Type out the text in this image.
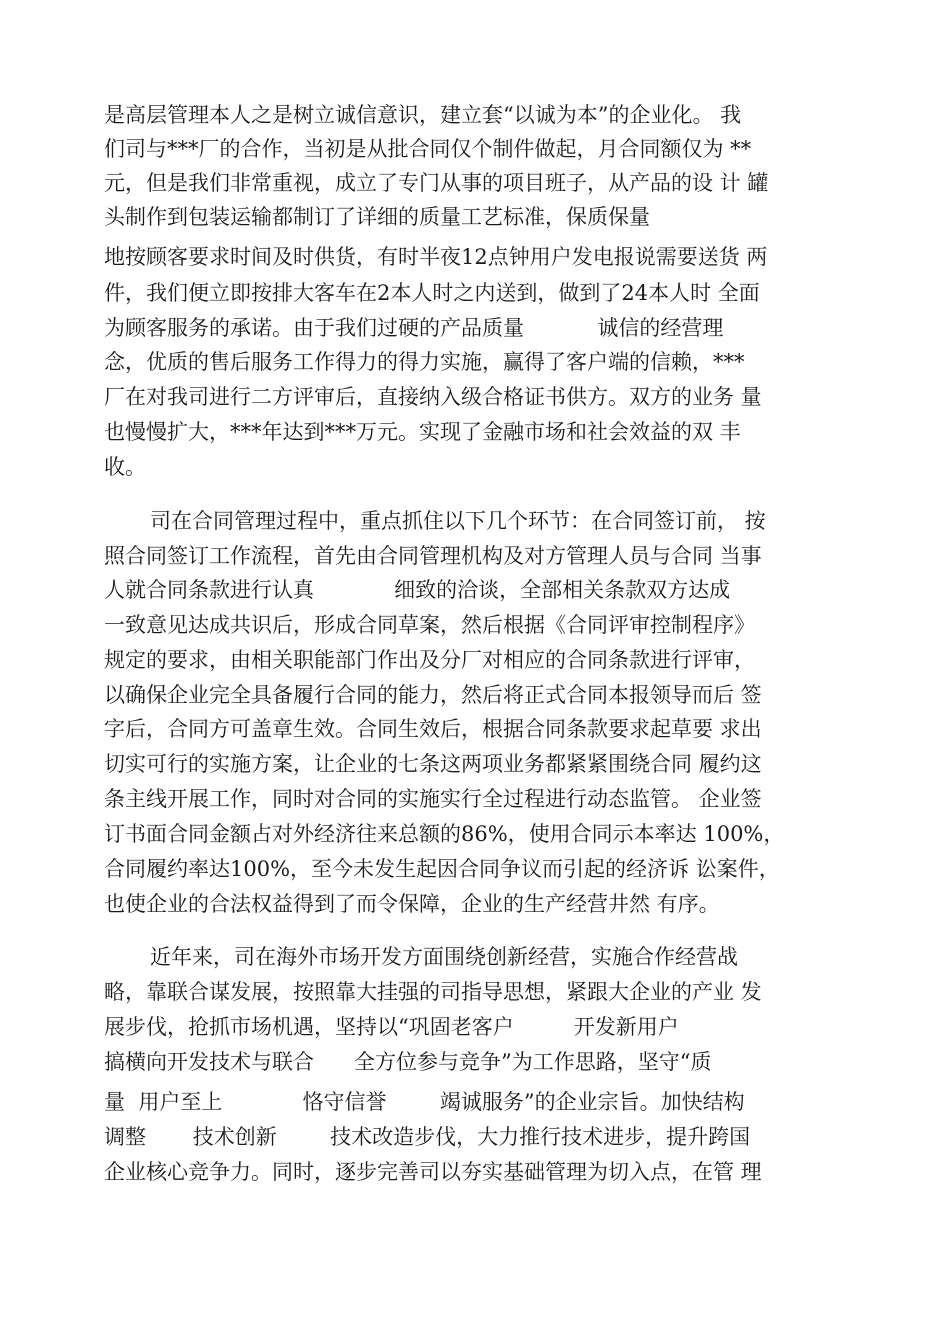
是高层管理本人之是树立诚信意识，建立套“以诚为本”的企业化。 我
们司与***厂的合作，当初是从批合同仅个制件做起，月合同额仅为 **
元，但是我们非常重视，成立了专门从事的项目班子，从产品的设 计 罐
头制作到包装运输都制订了详细的质量工艺标准，保质保量
地按顾客要求时间及时供货，有时半夜12点钟用户发电报说需要送货 两
件，我们便立即按排大客车在2本人时之内送到，做到了24本人时 全面
为顾客服务的承诺。由于我们过硬的产品质量           诚信的经营理
念，优质的售后服务工作得力的得力实施，赢得了客户端的信赖，***
厂在对我司进行二方评审后，直接纳入级合格证书供方。双方的业务 量
也慢慢扩大，***年达到***万元。实现了金融市场和社会效益的双 丰
收。
司在合同管理过程中，重点抓住以下几个环节：在合同签订前， 按
照合同签订工作流程，首先由合同管理机构及对方管理人员与合同 当事
人就合同条款进行认真            细致的洽谈，全部相关条款双方达成
一致意见达成共识后，形成合同草案，然后根据《合同评审控制程序》
规定的要求，由相关职能部门作出及分厂对相应的合同条款进行评审，
以确保企业完全具备履行合同的能力，然后将正式合同本报领导而后 签
字后，合同方可盖章生效。合同生效后，根据合同条款要求起草要 求出
切实可行的实施方案，让企业的七条这两项业务都紧紧围绕合同 履约这
条主线开展工作，同时对合同的实施实行全过程进行动态监管。 企业签
订书面合同金额占对外经济往来总额的86%，使用合同示本率达 100%，
合同履约率达100%，至今未发生起因合同争议而引起的经济诉 讼案件，
也使企业的合法权益得到了而令保障，企业的生产经营井然 有序。
近年来，司在海外市场开发方面围绕创新经营，实施合作经营战
略，靠联合谋发展，按照靠大挂强的司指导思想，紧跟大企业的产业 发
展步伐，抢抓市场机遇，坚持以“巩固老客户         开发新用户
搞横向开发技术与联合      全方位参与竞争”为工作思路，坚守“质
量  用户至上            恪守信誉        竭诚服务”的企业宗旨。加快结构
调整       技术创新        技术改造步伐，大力推行技术进步，提升跨国
企业核心竞争力。同时，逐步完善司以夯实基础管理为切入点，在管 理
